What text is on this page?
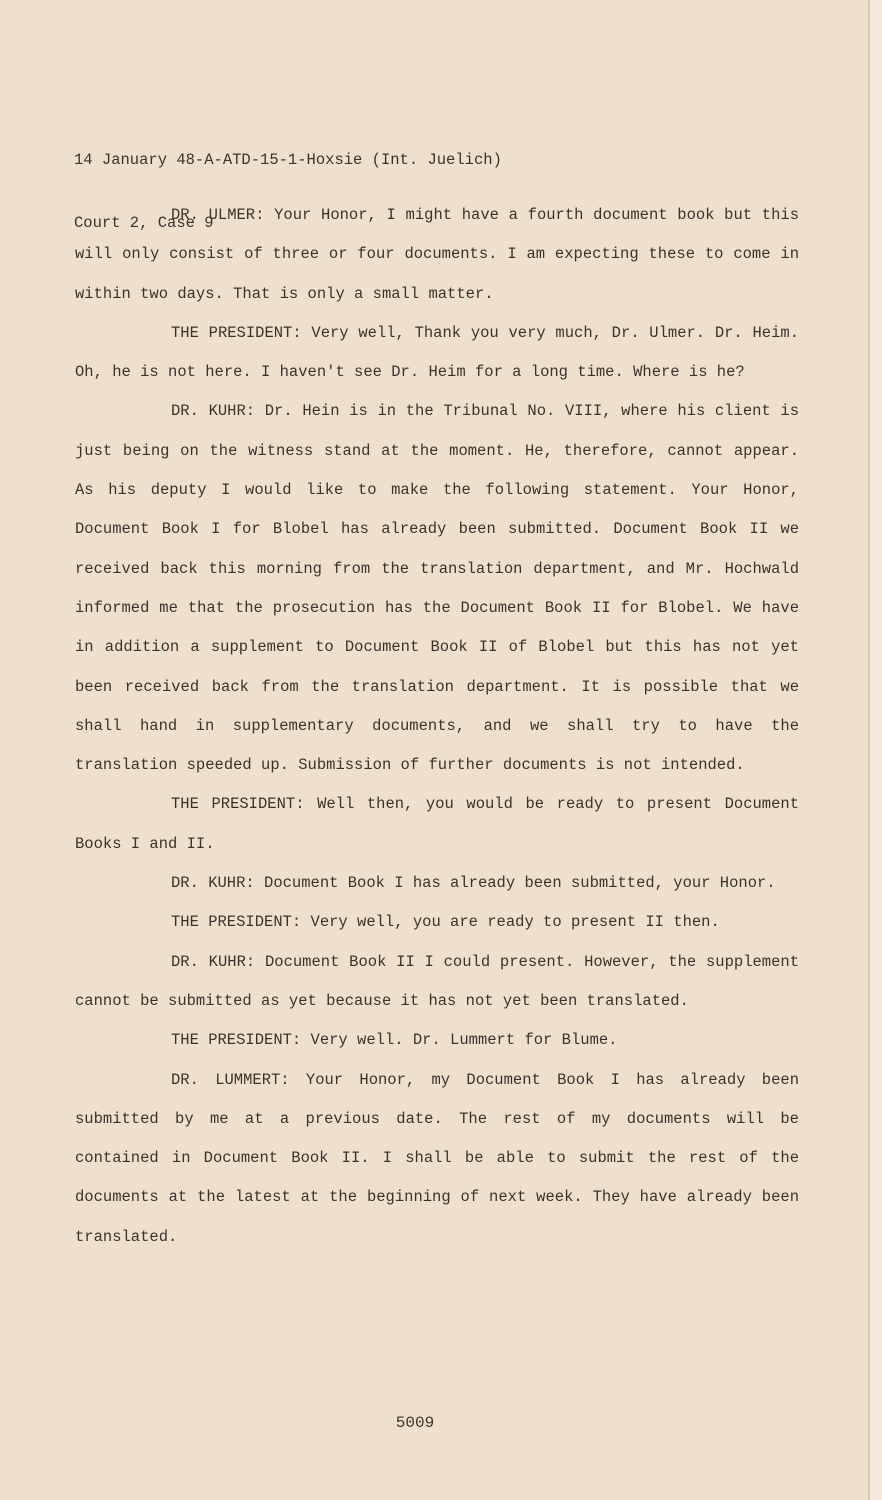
14 January 48-A-ATD-15-1-Hoxsie (Int. Juelich)

Court 2, Case 9

DR. ULMER: Your Honor, I might have a fourth document book but this will only consist of three or four documents. I am expecting these to come in within two days. That is only a small matter.

THE PRESIDENT: Very well, Thank you very much, Dr. Ulmer. Dr. Heim. Oh, he is not here. I haven't see Dr. Heim for a long time. Where is he?

DR. KUHR: Dr. Hein is in the Tribunal No. VIII, where his client is just being on the witness stand at the moment. He, therefore, cannot appear. As his deputy I would like to make the following statement. Your Honor, Document Book I for Blobel has already been submitted. Document Book II we received back this morning from the translation department, and Mr. Hochwald informed me that the prosecution has the Document Book II for Blobel. We have in addition a supplement to Document Book II of Blobel but this has not yet been received back from the translation department. It is possible that we shall hand in supplementary documents, and we shall try to have the translation speeded up. Submission of further documents is not intended.

THE PRESIDENT: Well then, you would be ready to present Document Books I and II.

DR. KUHR: Document Book I has already been submitted, your Honor.

THE PRESIDENT: Very well, you are ready to present II then.

DR. KUHR: Document Book II I could present. However, the supplement cannot be submitted as yet because it has not yet been translated.

THE PRESIDENT: Very well. Dr. Lummert for Blume.

DR. LUMMERT: Your Honor, my Document Book I has already been submitted by me at a previous date. The rest of my documents will be contained in Document Book II. I shall be able to submit the rest of the documents at the latest at the beginning of next week. They have already been translated.

5009
